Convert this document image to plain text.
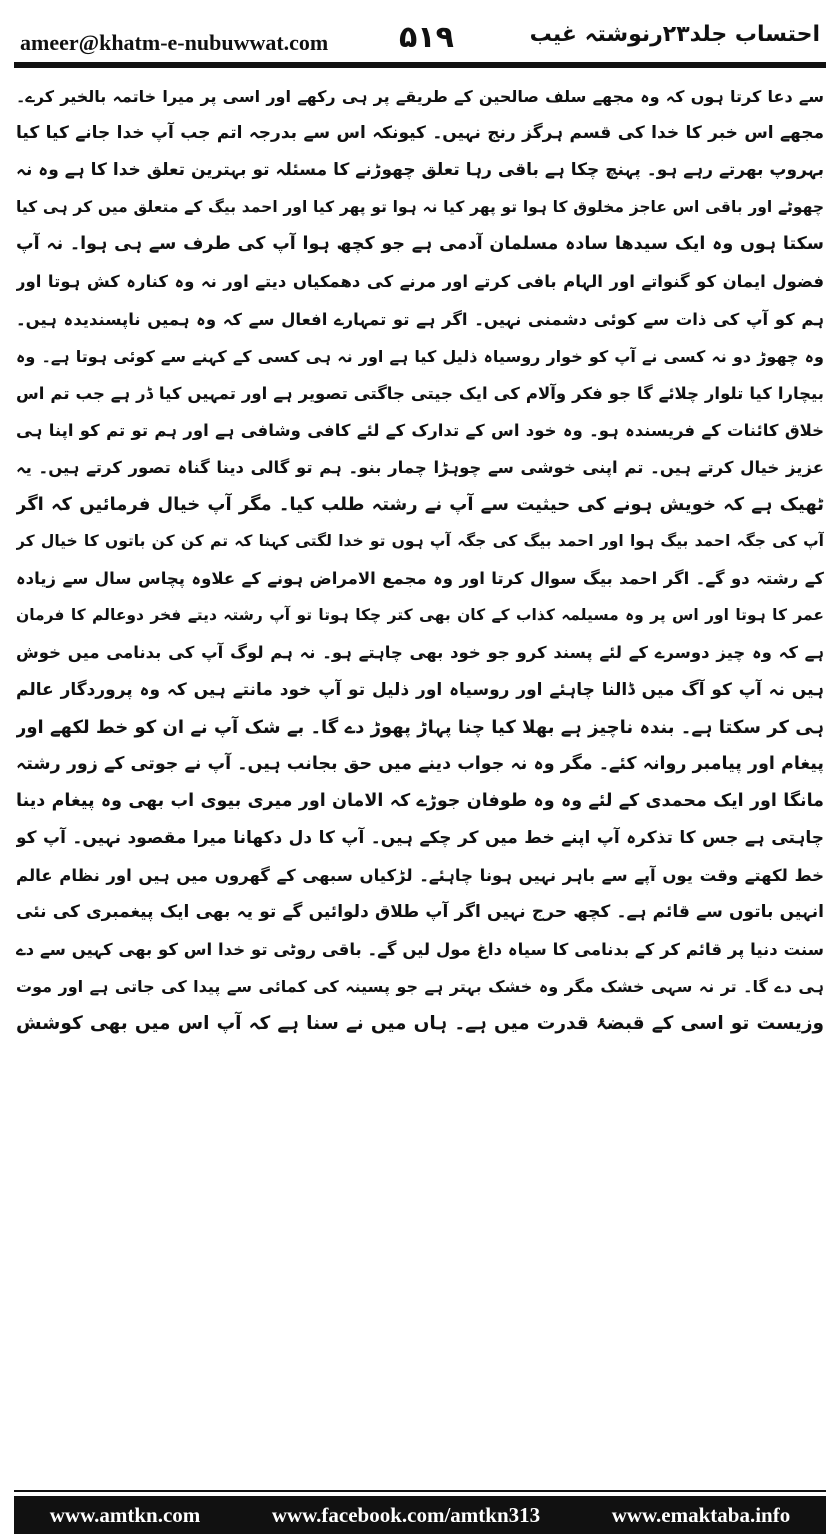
ameer@khatm-e-nubuwwat.com ۵۱۹	احتساب جلد۲۳رنوشتہ غیب
سے دعا کرتا ہوں کہ وہ مجھے سلف صالحین کے طریقے پر ہی رکھے اور اسی پر میرا خاتمہ بالخیر کرے۔
مجھے اس خبر کا خدا کی قسم ہرگز رنج نہیں۔ کیونکہ اس سے بدرجہ اتم جب آپ خدا جانے کیا کیا
بہروپ بھرتے رہے ہو۔ پہنچ چکا ہے باقی رہا تعلق چھوڑنے کا مسئلہ تو بہترین تعلق خدا کا ہے وہ نہ
چھوٹے اور باقی اس عاجز مخلوق کا ہوا تو پھر کیا نہ ہوا تو پھر کیا اور احمد بیگ کے متعلق میں کر ہی کیا
سکتا ہوں وہ ایک سیدھا سادہ مسلمان آدمی ہے جو کچھ ہوا آپ کی طرف سے ہی ہوا۔ نہ آپ
فضول ایمان کو گنواتے اور الہام بافی کرتے اور مرنے کی دھمکیاں دیتے اور نہ وہ کنارہ کش ہوتا اور
ہم کو آپ کی ذات سے کوئی دشمنی نہیں۔ اگر ہے تو تمہارے افعال سے کہ وہ ہمیں ناپسندیدہ ہیں۔
وہ چھوڑ دو نہ کسی نے آپ کو خوار روسیاہ ذلیل کیا ہے اور نہ ہی کسی کے کہنے سے کوئی ہوتا ہے۔ وہ
بیچارا کیا تلوار چلائے گا جو فکر وآلام کی ایک جیتی جاگتی تصویر ہے اور تمہیں کیا ڈر ہے جب تم اس
خلاق کائنات کے فریسندہ ہو۔ وہ خود اس کے تدارک کے لئے کافی وشافی ہے اور ہم تو تم کو اپنا ہی
عزیز خیال کرتے ہیں۔ تم اپنی خوشی سے چوہڑا چمار بنو۔ ہم تو گالی دینا گناہ تصور کرتے ہیں۔ یہ
ٹھیک ہے کہ خویش ہونے کی حیثیت سے آپ نے رشتہ طلب کیا۔ مگر آپ خیال فرمائیں کہ اگر
آپ کی جگہ احمد بیگ ہوا اور احمد بیگ کی جگہ آپ ہوں تو خدا لگتی کہنا کہ تم کن کن باتوں کا خیال کر
کے رشتہ دو گے۔ اگر احمد بیگ سوال کرتا اور وہ مجمع الامراض ہونے کے علاوہ پچاس سال سے زیادہ
عمر کا ہوتا اور اس پر وہ مسیلمہ کذاب کے کان بھی کتر چکا ہوتا تو آپ رشتہ دیتے فخر دوعالم کا فرمان
ہے کہ وہ چیز دوسرے کے لئے پسند کرو جو خود بھی چاہتے ہو۔ نہ ہم لوگ آپ کی بدنامی میں خوش
ہیں نہ آپ کو آگ میں ڈالنا چاہئے اور روسیاہ اور ذلیل تو آپ خود مانتے ہیں کہ وہ پروردگار عالم
ہی کر سکتا ہے۔ بندہ ناچیز ہے بھلا کیا چنا پہاڑ پھوڑ دے گا۔ بے شک آپ نے ان کو خط لکھے اور
پیغام اور پیامبر روانہ کئے۔ مگر وہ نہ جواب دینے میں حق بجانب ہیں۔ آپ نے جوتی کے زور رشتہ
مانگا اور ایک محمدی کے لئے وہ وہ طوفان جوڑے کہ الامان اور میری بیوی اب بھی وہ پیغام دینا
چاہتی ہے جس کا تذکرہ آپ اپنے خط میں کر چکے ہیں۔ آپ کا دل دکھانا میرا مقصود نہیں۔ آپ کو
خط لکھتے وقت یوں آپے سے باہر نہیں ہونا چاہئے۔ لڑکیاں سبھی کے گھروں میں ہیں اور نظام عالم
انہیں باتوں سے قائم ہے۔ کچھ حرج نہیں اگر آپ طلاق دلوائیں گے تو یہ بھی ایک پیغمبری کی نئی
سنت دنیا پر قائم کر کے بدنامی کا سیاہ داغ مول لیں گے۔ باقی روٹی تو خدا اس کو بھی کہیں سے دے
ہی دے گا۔ تر نہ سہی خشک مگر وہ خشک بہتر ہے جو پسینہ کی کمائی سے پیدا کی جاتی ہے اور موت
وزیست تو اسی کے قبضۂ قدرت میں ہے۔ ہاں میں نے سنا ہے کہ آپ اس میں بھی کوشش
www.amtkn.com	www.facebook.com/amtkn313	www.emaktaba.info
